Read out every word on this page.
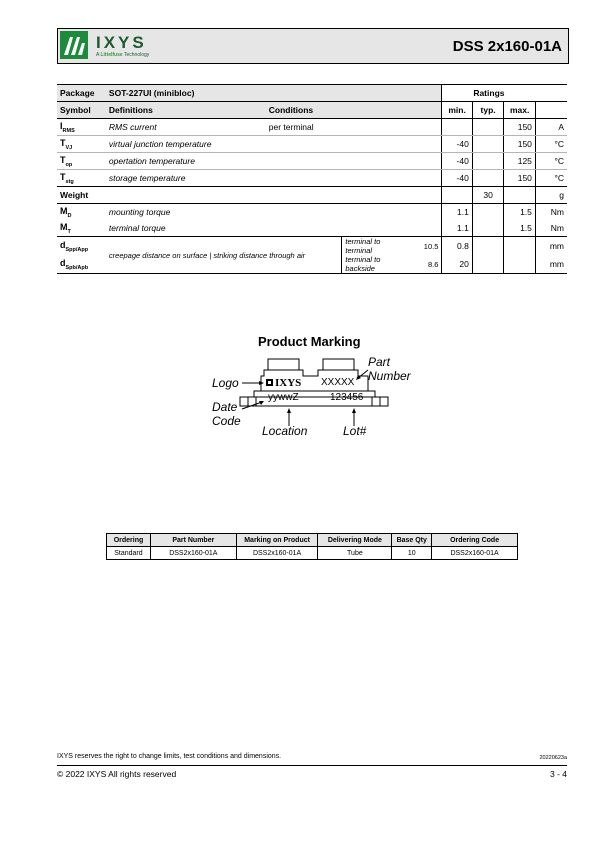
IXYS
A Littelfuse Technology	DSS 2x160-01A
Package	SOT-227UI (minibloc)				Ratings			
Symbol	Definitions	Conditions			min.	typ.	max.	
$I_{RMS}$	RMS current	per terminal					150	A
$T_{VJ}$	virtual junction temperature				-40		150	°C
$T_{op}$	opertation temperature				-40		125	°C
$T_{stg}$	storage temperature				-40		150	°C
Weight						30		g
$M_D$	mounting torque				1.1		1.5	Nm
$M_T$	terminal torque				1.1		1.5	Nm
$d_{Spp/App}$	creepage distance on surface | striking distance through air		terminal to terminal	10.5	0.8			mm
$d_{Spb/Apb}$			terminal to backside	8.6	20			mm
Product Marking
IXYS XXXXX
yywwZ	123456
Logo
Part
Number
Date
Code
Location	Lot#
Ordering	Part Number	Marking on Product	Delivering Mode	Base Qty	Ordering Code
Standard	DSS2x160-01A	DSS2x160-01A	Tube	10	DSS2x160-01A
IXYS reserves the right to change limits, test conditions and dimensions.	20220623a
© 2022 IXYS All rights reserved	3 - 4
